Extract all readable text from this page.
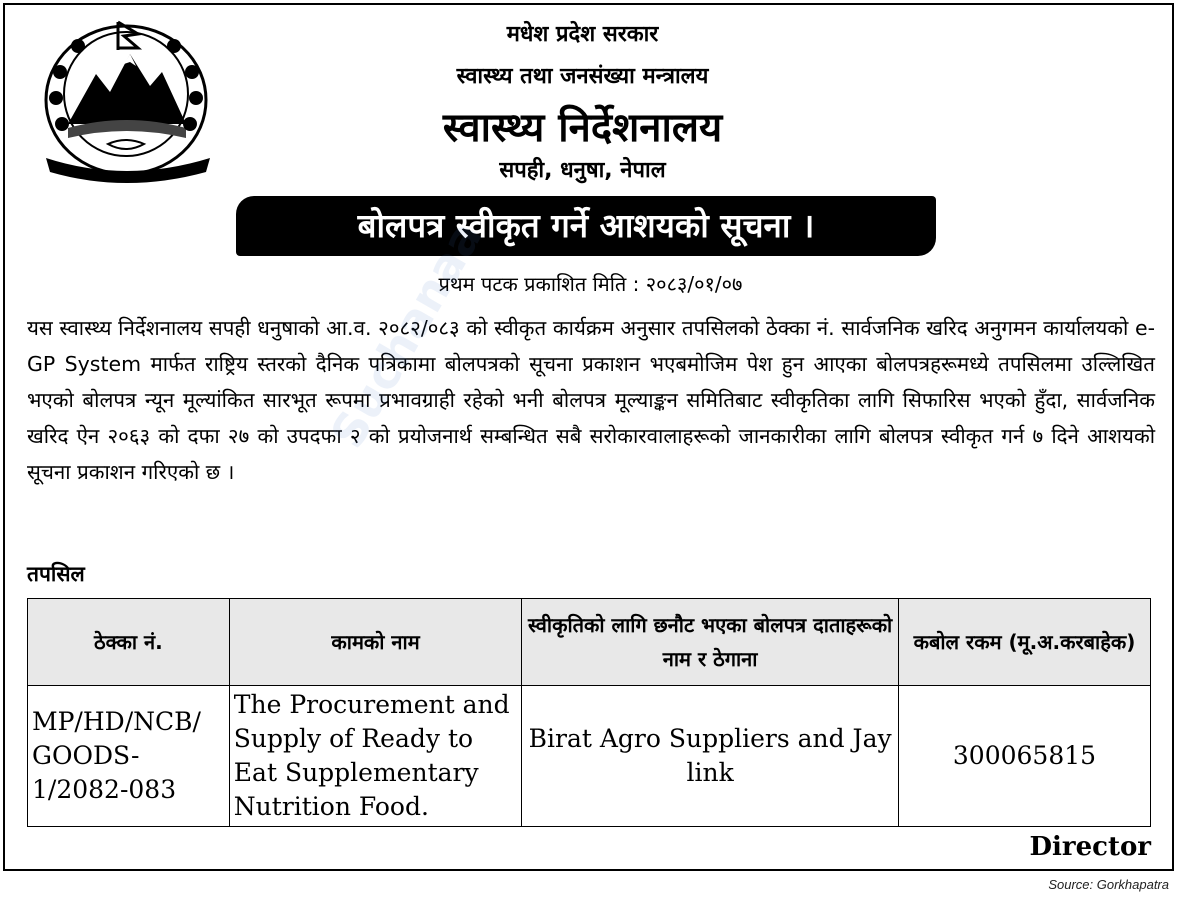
मधेश प्रदेश सरकार
स्वास्थ्य तथा जनसंख्या मन्त्रालय
स्वास्थ्य निर्देशनालय
सपही, धनुषा, नेपाल
बोलपत्र स्वीकृत गर्ने आशयको सूचना ।
प्रथम पटक प्रकाशित मिति : २०८३/०१/०७
यस स्वास्थ्य निर्देशनालय सपही धनुषाको आ.व. २०८२/०८३ को स्वीकृत कार्यक्रम अनुसार तपसिलको ठेक्का नं. सार्वजनिक खरिद अनुगमन कार्यालयको e-GP System मार्फत राष्ट्रिय स्तरको दैनिक पत्रिकामा बोलपत्रको सूचना प्रकाशन भएबमोजिम पेश हुन आएका बोलपत्रहरूमध्ये तपसिलमा उल्लिखित भएको बोलपत्र न्यून मूल्यांकित सारभूत रूपमा प्रभावग्राही रहेको भनी बोलपत्र मूल्याङ्कन समितिबाट स्वीकृतिका लागि सिफारिस भएको हुँदा, सार्वजनिक खरिद ऐन २०६३ को दफा २७ को उपदफा २ को प्रयोजनार्थ सम्बन्धित सबै सरोकारवालाहरूको जानकारीका लागि बोलपत्र स्वीकृत गर्न ७ दिने आशयको सूचना प्रकाशन गरिएको छ ।
तपसिल
ठेक्का नं.	कामको नाम	स्वीकृतिको लागि छनौट भएका बोलपत्र दाताहरूको नाम र ठेगाना	कबोल रकम (मू.अ.करबाहेक)
MP/HD/NCB/ GOODS- 1/2082-083	The Procurement and Supply of Ready to Eat Supplementary Nutrition Food.	Birat Agro Suppliers and Jay link	300065815
Director
Source: Gorkhapatra
Suchanaa
